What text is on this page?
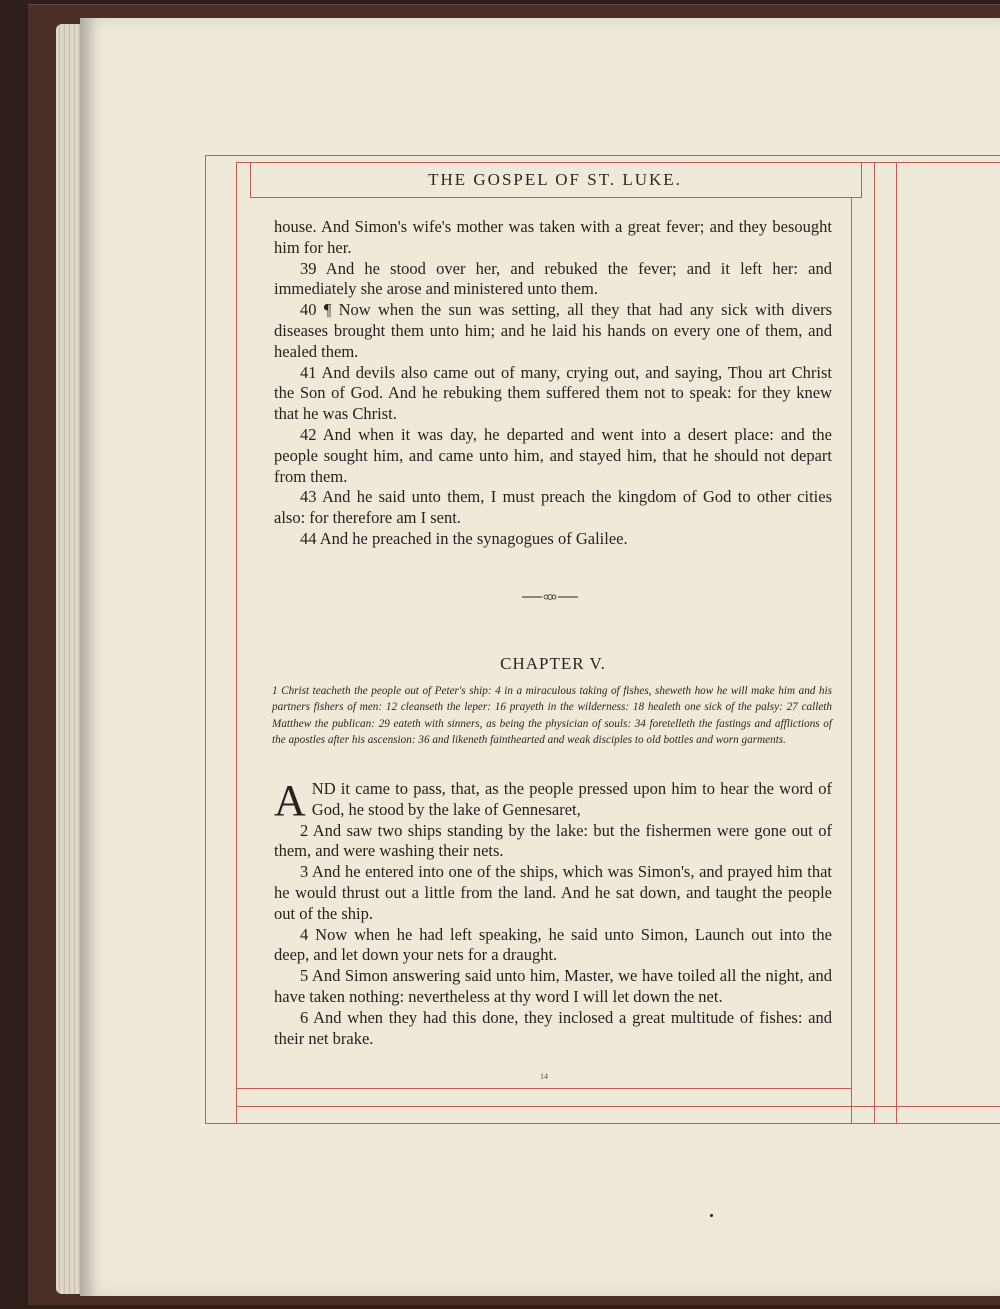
THE GOSPEL OF ST. LUKE.

house. And Simon's wife's mother was taken with a great fever; and they besought him for her.

39 And he stood over her, and rebuked the fever; and it left her: and immediately she arose and ministered unto them.

40 ¶ Now when the sun was setting, all they that had any sick with divers diseases brought them unto him; and he laid his hands on every one of them, and healed them.

41 And devils also came out of many, crying out, and saying, Thou art Christ the Son of God. And he rebuking them suffered them not to speak: for they knew that he was Christ.

42 And when it was day, he departed and went into a desert place: and the people sought him, and came unto him, and stayed him, that he should not depart from them.

43 And he said unto them, I must preach the kingdom of God to other cities also: for therefore am I sent.

44 And he preached in the synagogues of Galilee.

CHAPTER V.
1 Christ teacheth the people out of Peter's ship: 4 in a miraculous taking of fishes, sheweth how he will make him and his partners fishers of men: 12 cleanseth the leper: 16 prayeth in the wilderness: 18 healeth one sick of the palsy: 27 calleth Matthew the publican: 29 eateth with sinners, as being the physician of souls: 34 foretelleth the fastings and afflictions of the apostles after his ascension: 36 and likeneth fainthearted and weak disciples to old bottles and worn garments.

AND it came to pass, that, as the people pressed upon him to hear the word of God, he stood by the lake of Gennesaret,

2 And saw two ships standing by the lake: but the fishermen were gone out of them, and were washing their nets.

3 And he entered into one of the ships, which was Simon's, and prayed him that he would thrust out a little from the land. And he sat down, and taught the people out of the ship.

4 Now when he had left speaking, he said unto Simon, Launch out into the deep, and let down your nets for a draught.

5 And Simon answering said unto him, Master, we have toiled all the night, and have taken nothing: nevertheless at thy word I will let down the net.

6 And when they had this done, they inclosed a great multitude of fishes: and their net brake.

14
